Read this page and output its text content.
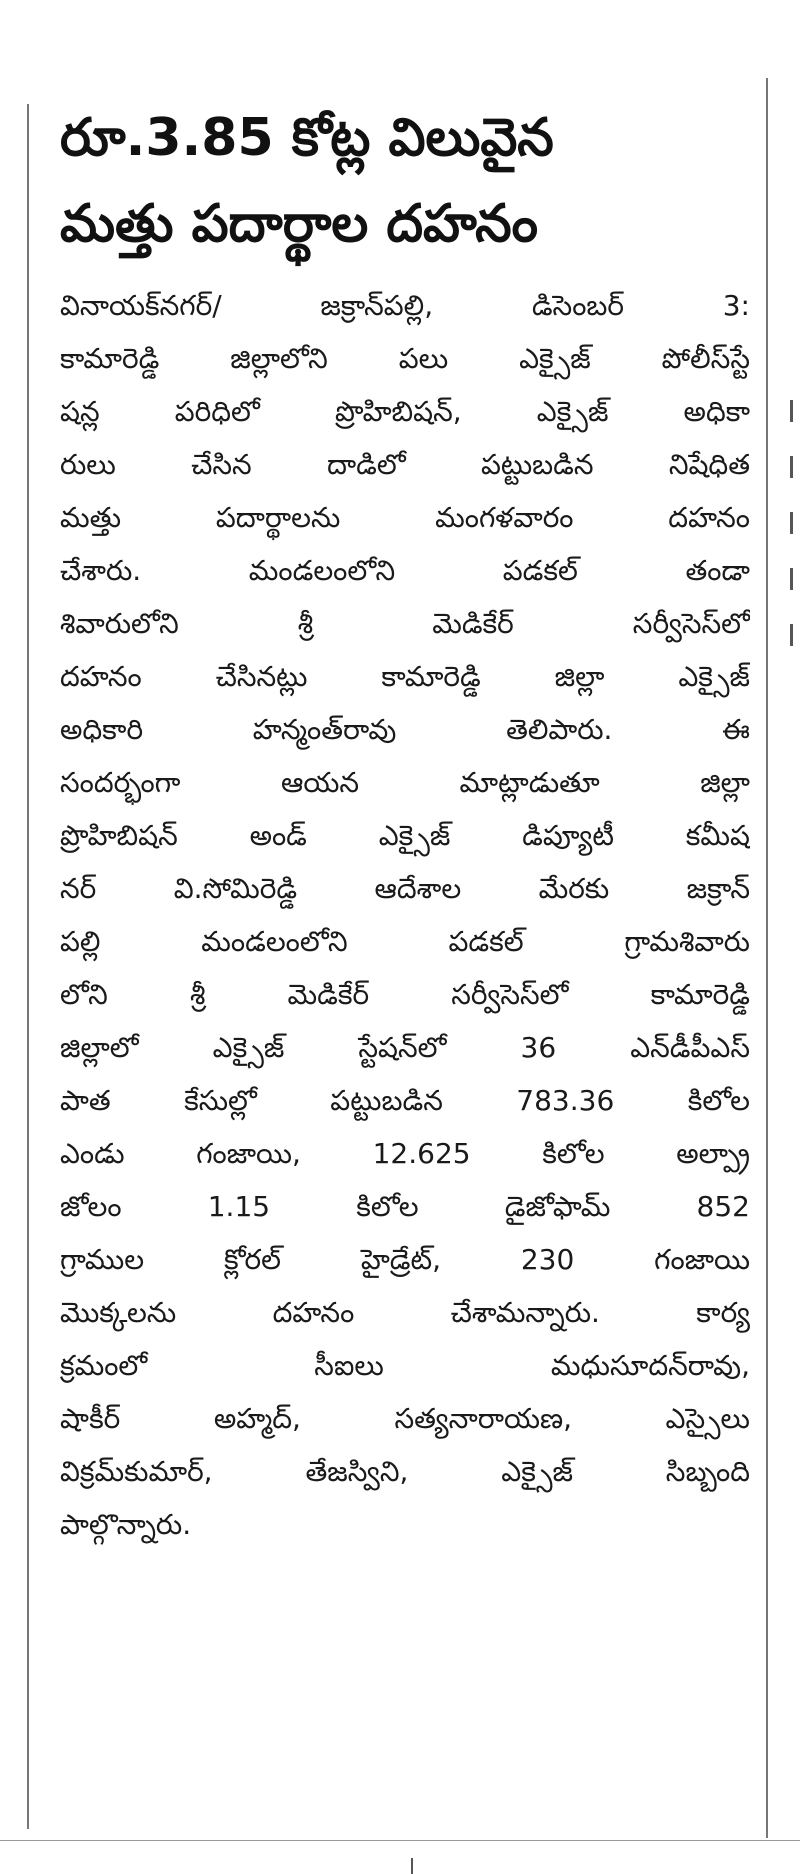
రూ.3.85 కోట్ల విలువైన
మత్తు పదార్థాల దహనం
వినాయక్‌నగర్/ జక్రాన్‌పల్లి, డిసెంబర్ 3:
కామారెడ్డి జిల్లాలోని పలు ఎక్సైజ్ పోలీస్‌స్టే
షన్ల పరిధిలో ప్రొహిబిషన్, ఎక్సైజ్ అధికా
రులు చేసిన దాడిలో పట్టుబడిన నిషేధిత
మత్తు పదార్థాలను మంగళవారం దహనం
చేశారు. మండలంలోని పడకల్ తండా
శివారులోని శ్రీ మెడికేర్ సర్వీసెస్‌లో
దహనం చేసినట్లు కామారెడ్డి జిల్లా ఎక్సైజ్
అధికారి హన్మంత్‌రావు తెలిపారు. ఈ
సందర్భంగా ఆయన మాట్లాడుతూ జిల్లా
ప్రొహిబిషన్ అండ్ ఎక్సైజ్ డిప్యూటీ కమీష
నర్ వి.సోమిరెడ్డి ఆదేశాల మేరకు జక్రాన్
పల్లి మండలంలోని పడకల్ గ్రామశివారు
లోని శ్రీ మెడికేర్ సర్వీసెస్‌లో కామారెడ్డి
జిల్లాలో ఎక్సైజ్ స్టేషన్‌లో 36 ఎన్‌డీపీఎస్
పాత కేసుల్లో పట్టుబడిన 783.36 కిలోల
ఎండు గంజాయి, 12.625 కిలోల అల్ప్రా
జోలం 1.15 కిలోల డైజోఫామ్ 852
గ్రాముల క్లోరల్ హైడ్రేట్, 230 గంజాయి
మొక్కలను దహనం చేశామన్నారు. కార్య
క్రమంలో సీఐలు మధుసూదన్‌రావు,
షాకీర్ అహ్మద్, సత్యనారాయణ, ఎస్సైలు
విక్రమ్‌కుమార్, తేజస్విని, ఎక్సైజ్ సిబ్బంది
పాల్గొన్నారు.
